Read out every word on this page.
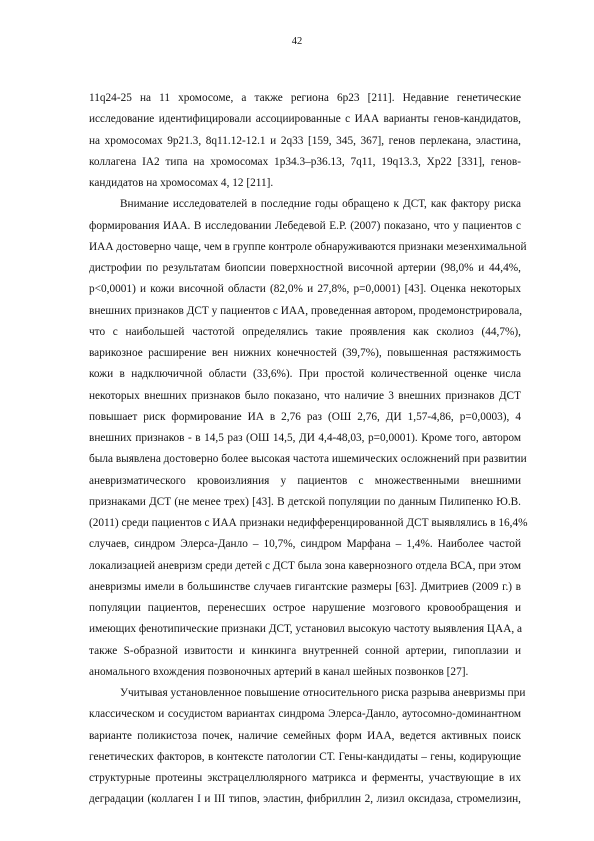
42
11q24-25 на 11 хромосоме, а также региона 6p23 [211]. Недавние генетические
исследование идентифицировали ассоциированные с ИАА варианты генов-кандидатов,
на хромосомах 9p21.3, 8q11.12-12.1 и 2q33 [159, 345, 367], генов перлекана, эластина,
коллагена IA2 типа на хромосомах 1p34.3–p36.13, 7q11, 19q13.3, Xp22 [331], генов-
кандидатов на хромосомах 4, 12 [211].
Внимание исследователей в последние годы обращено к ДСТ, как фактору риска
формирования ИАА. В исследовании Лебедевой Е.Р. (2007) показано, что у пациентов с
ИАА достоверно чаще, чем в группе контроле обнаруживаются признаки мезенхимальной
дистрофии по результатам биопсии поверхностной височной артерии (98,0% и 44,4%,
p<0,0001) и кожи височной области (82,0% и 27,8%, p=0,0001) [43]. Оценка некоторых
внешних признаков ДСТ у пациентов с ИАА, проведенная автором, продемонстрировала,
что с наибольшей частотой определялись такие проявления как сколиоз (44,7%),
варикозное расширение вен нижних конечностей (39,7%), повышенная растяжимость
кожи в надключичной области (33,6%). При простой количественной оценке числа
некоторых внешних признаков было показано, что наличие 3 внешних признаков ДСТ
повышает риск формирование ИА в 2,76 раз (ОШ 2,76, ДИ 1,57-4,86, p=0,0003), 4
внешних признаков - в 14,5 раз (ОШ 14,5, ДИ 4,4-48,03, p=0,0001). Кроме того, автором
была выявлена достоверно более высокая частота ишемических осложнений при развитии
аневризматического кровоизлияния у пациентов с множественными внешними
признаками ДСТ (не менее трех) [43]. В детской популяции по данным Пилипенко Ю.В.
(2011) среди пациентов с ИАА признаки недифференцированной ДСТ выявлялись в 16,4%
случаев, синдром Элерса-Данло – 10,7%, синдром Марфана – 1,4%. Наиболее частой
локализацией аневризм среди детей с ДСТ была зона кавернозного отдела ВСА, при этом
аневризмы имели в большинстве случаев гигантские размеры [63]. Дмитриев (2009 г.) в
популяции пациентов, перенесших острое нарушение мозгового кровообращения и
имеющих фенотипические признаки ДСТ, установил высокую частоту выявления ЦАА, а
также S-образной извитости и кинкинга внутренней сонной артерии, гипоплазии и
аномального вхождения позвоночных артерий в канал шейных позвонков [27].
Учитывая установленное повышение относительного риска разрыва аневризмы при
классическом и сосудистом вариантах синдрома Элерса-Данло, аутосомно-доминантном
варианте поликистоза почек, наличие семейных форм ИАА, ведется активных поиск
генетических факторов, в контексте патологии СТ. Гены-кандидаты – гены, кодирующие
структурные протеины экстрацеллюлярного матрикса и ферменты, участвующие в их
деградации (коллаген I и III типов, эластин, фибриллин 2, лизил оксидаза, стромелизин,
